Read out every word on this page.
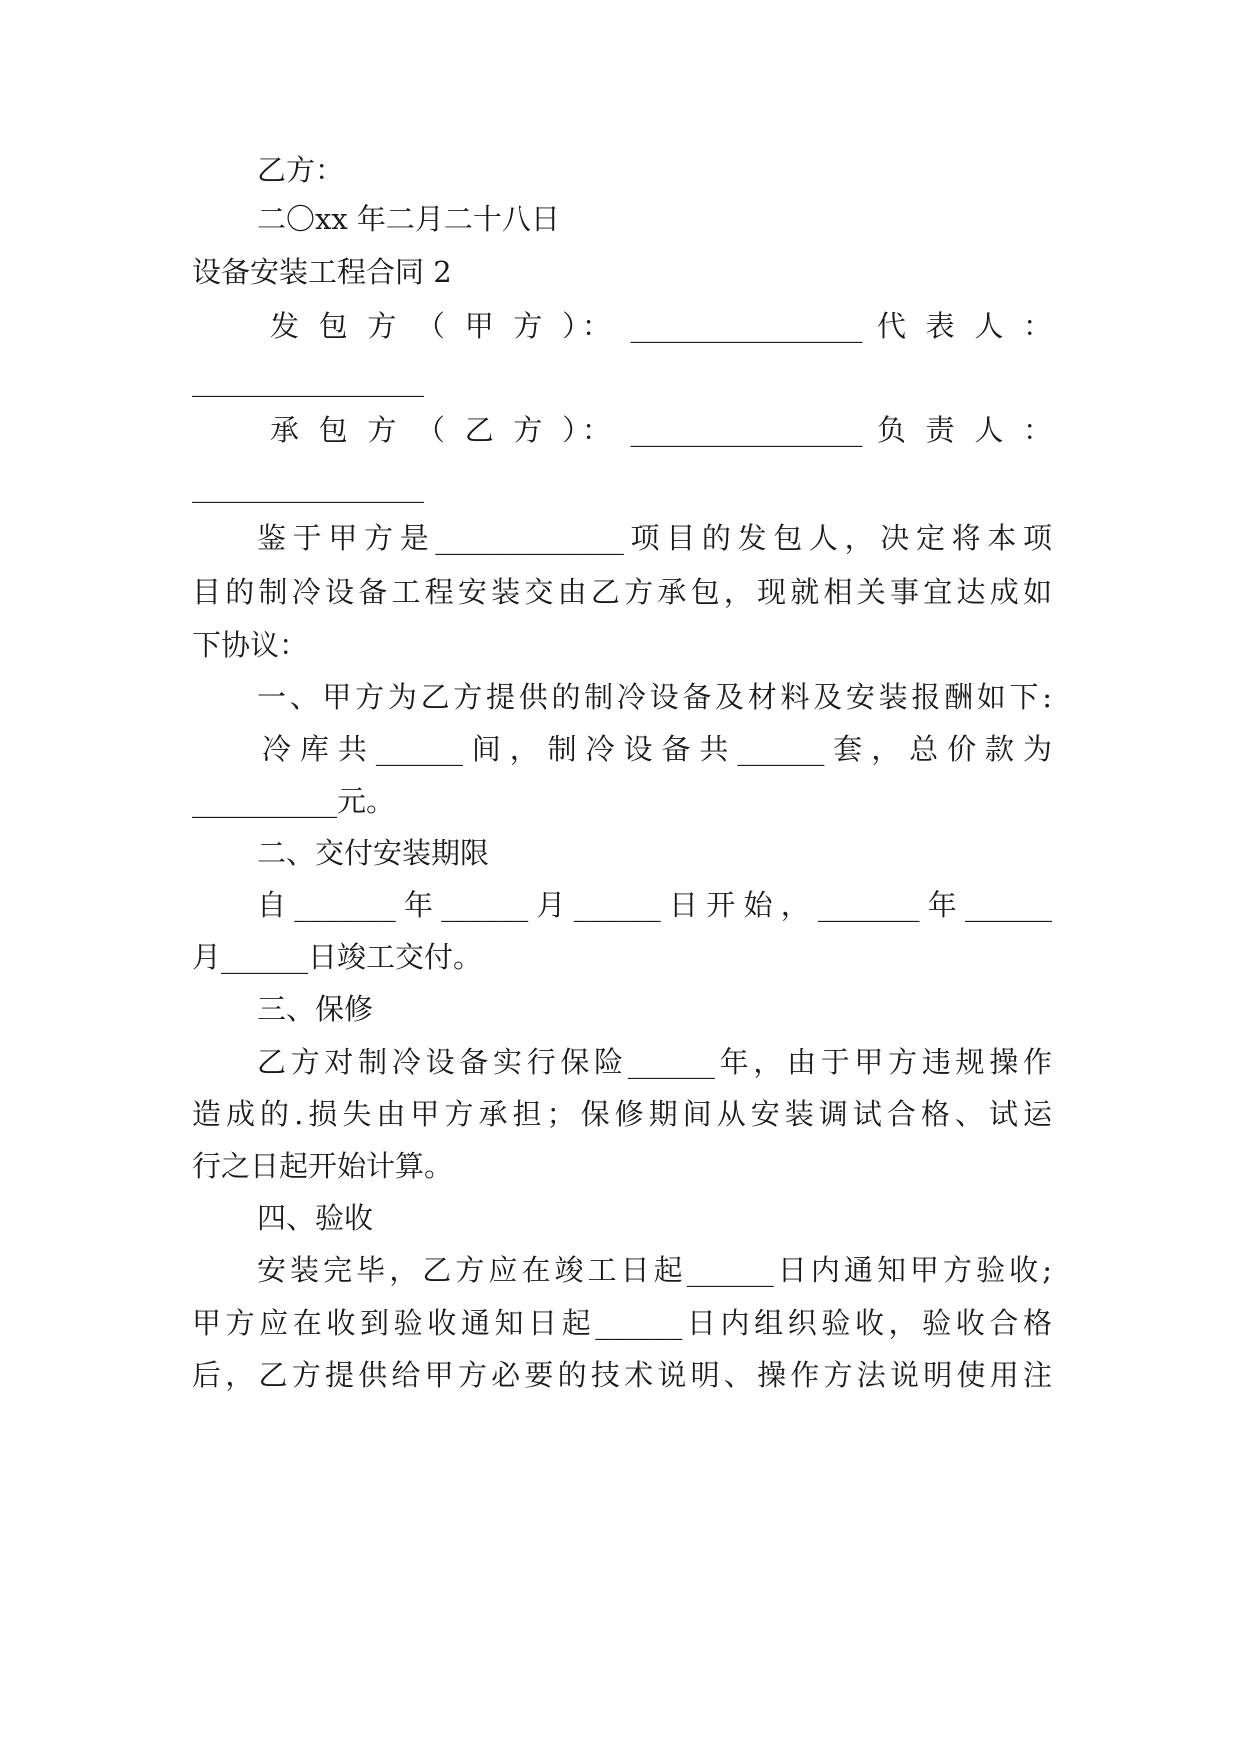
乙方：
二〇xx 年二月二十八日
设备安装工程合同 2
发 包 方 （ 甲 方 ）： ________________ 代 表 人 ：
________________
承 包 方 （ 乙 方 ）： ________________ 负 责 人 ：
________________
鉴于甲方是_____________项目的发包人，决定将本项
目的制冷设备工程安装交由乙方承包，现就相关事宜达成如
下协议：
一、甲方为乙方提供的制冷设备及材料及安装报酬如下:
冷库共______间，制冷设备共______套，总价款为
__________元。
二、交付安装期限
自_______年______月______日开始，_______年______
月______日竣工交付。
三、保修
乙方对制冷设备实行保险______年，由于甲方违规操作
造成的.损失由甲方承担；保修期间从安装调试合格、试运
行之日起开始计算。
四、验收
安装完毕，乙方应在竣工日起______日内通知甲方验收;
甲方应在收到验收通知日起______日内组织验收，验收合格
后，乙方提供给甲方必要的技术说明、操作方法说明使用注
